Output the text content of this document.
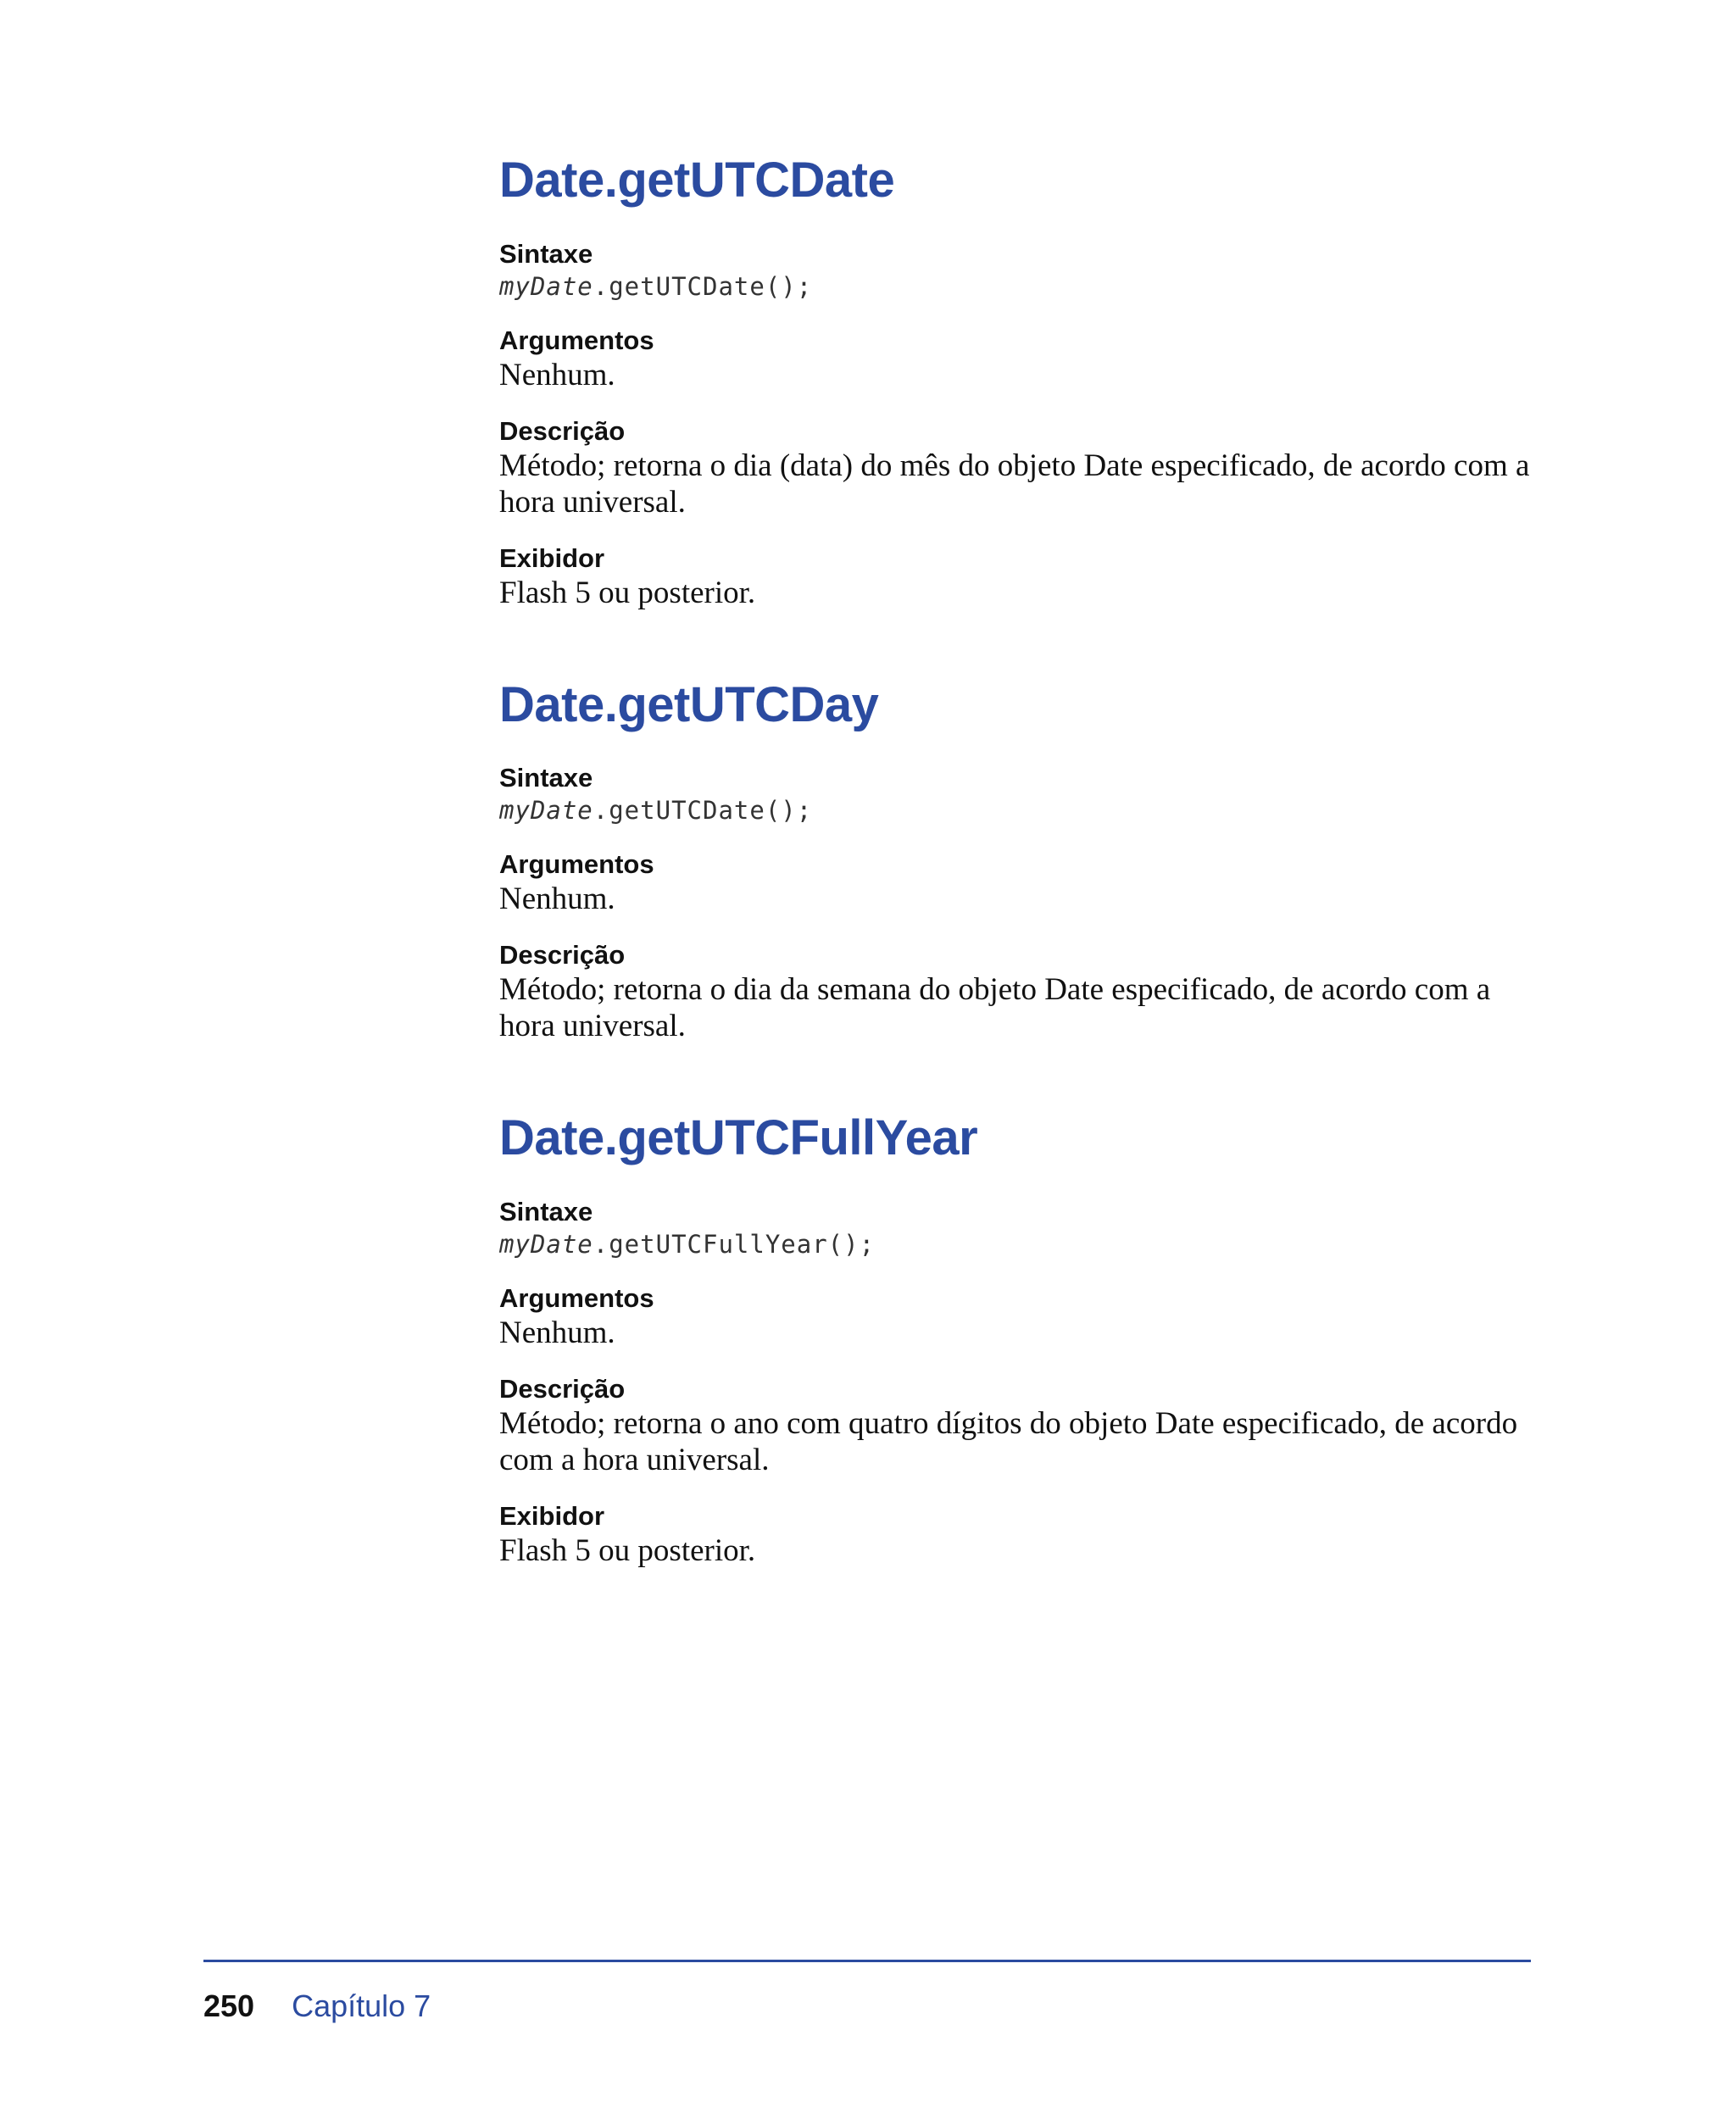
Date.getUTCDate
Sintaxe
myDate.getUTCDate();
Argumentos
Nenhum.
Descrição
Método; retorna o dia (data) do mês do objeto Date especificado, de acordo com a hora universal.
Exibidor
Flash 5 ou posterior.
Date.getUTCDay
Sintaxe
myDate.getUTCDate();
Argumentos
Nenhum.
Descrição
Método; retorna o dia da semana do objeto Date especificado, de acordo com a hora universal.
Date.getUTCFullYear
Sintaxe
myDate.getUTCFullYear();
Argumentos
Nenhum.
Descrição
Método; retorna o ano com quatro dígitos do objeto Date especificado, de acordo com a hora universal.
Exibidor
Flash 5 ou posterior.
250 Capítulo 7
